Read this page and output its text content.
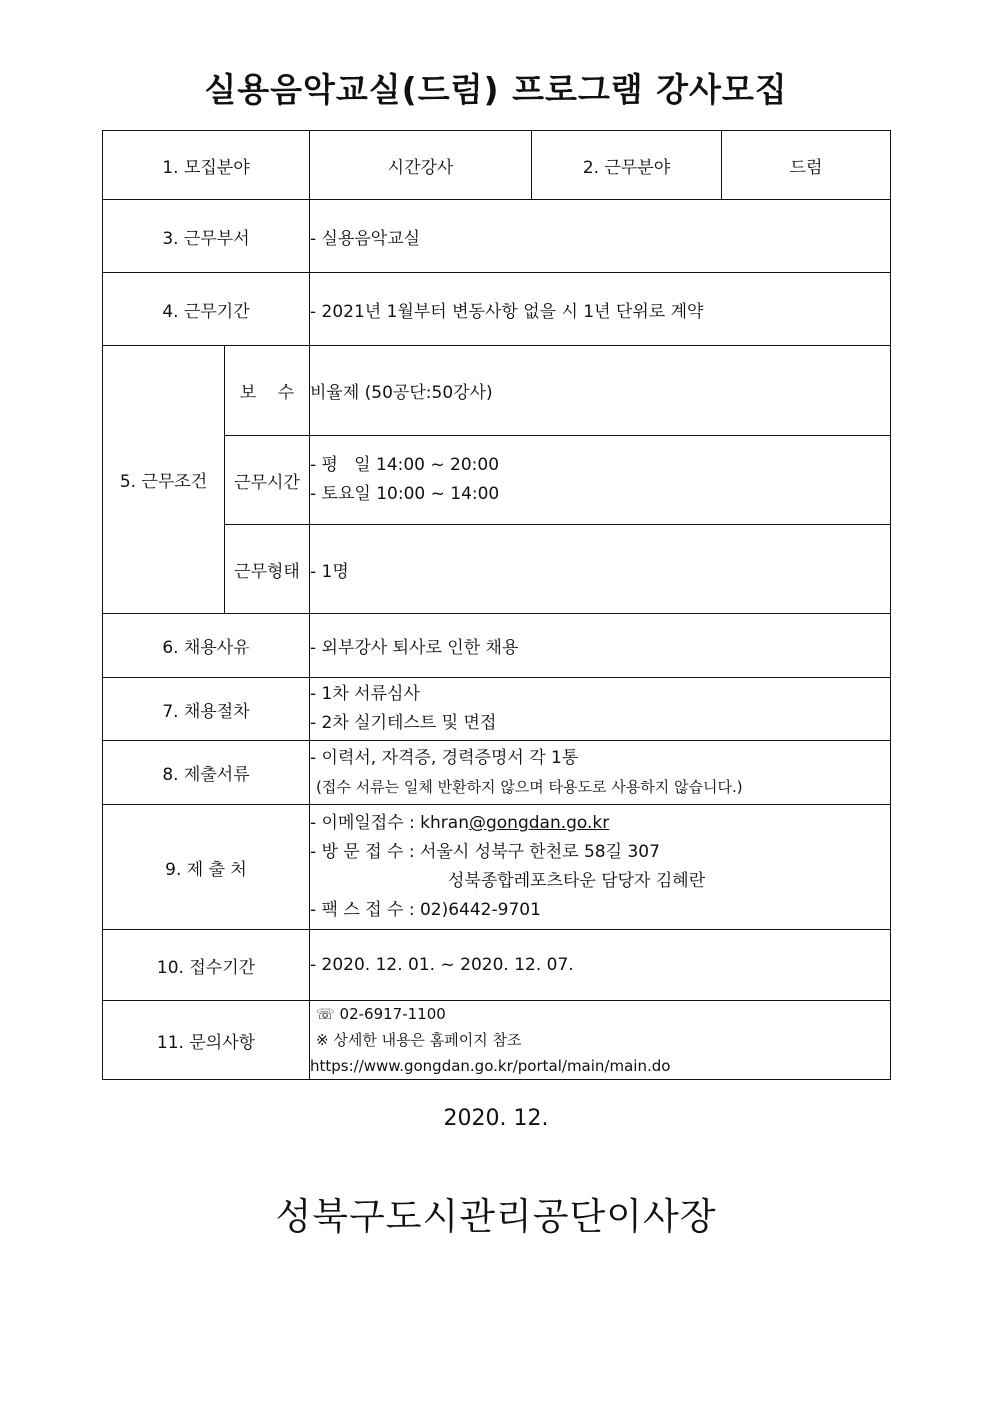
실용음악교실(드럼) 프로그램 강사모집
1. 모집분야		시간강사	2. 근무분야	드럼
3. 근무부서		- 실용음악교실		
4. 근무기간		- 2021년 1월부터 변동사항 없을 시 1년 단위로 계약		
5. 근무조건	보    수	비율제 (50공단:50강사)		
	근무시간	- 평   일 14:00 ~ 20:00
- 토요일 10:00 ~ 14:00		

	근무형태	- 1명		
6. 채용사유		- 외부강사 퇴사로 인한 채용		
7. 채용절차		- 1차 서류심사
- 2차 실기테스트 및 면접		

8. 제출서류		- 이력서, 자격증, 경력증명서 각 1통
(접수 서류는 일체 반환하지 않으며 타용도로 사용하지 않습니다.)		

9. 제 출 처		- 이메일접수 : khran@gongdan.go.kr
- 방 문 접 수 : 서울시 성북구 한천로 58길 307
성북종합레포츠타운 담당자 김혜란
- 팩 스 접 수 : 02)6442-9701		

10. 접수기간		- 2020. 12. 01. ~ 2020. 12. 07.		
11. 문의사항		☏ 02-6917-1100
※ 상세한 내용은 홈페이지 참조
https://www.gongdan.go.kr/portal/main/main.do		
2020. 12.
성북구도시관리공단이사장
